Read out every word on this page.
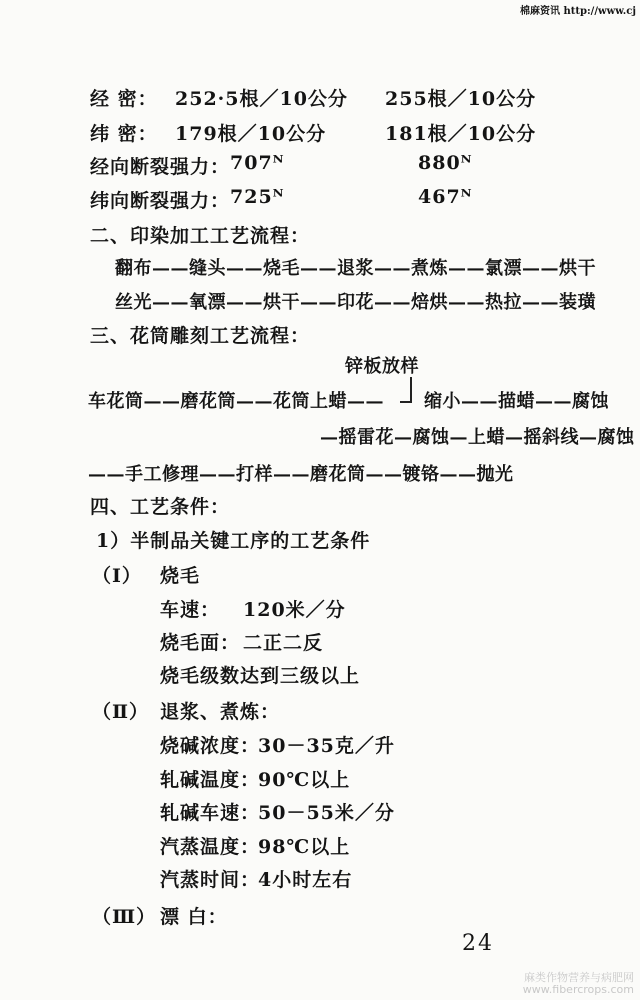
棉麻资讯 http://www.cj
经 密： 252·5根／10公分 255根／10公分
纬 密： 179根／10公分	181根／10公分
经向断裂强力： 707ᴺ	880ᴺ
纬向断裂强力： 725ᴺ	467ᴺ
二、印染加工工艺流程：
翻布——缝头——烧毛——退浆——煮炼——氯漂——烘干
丝光——氧漂——烘干——印花——焙烘——热拉——装璜
三、花筒雕刻工艺流程：
锌板放样
车花筒——磨花筒——花筒上蜡—— 缩小——描蜡——腐蚀
—摇雷花—腐蚀—上蜡—摇斜线—腐蚀
——手工修理——打样——磨花筒——镀铬——抛光
四、工艺条件：
1）半制品关键工序的工艺条件
（Ⅰ） 烧毛
车速： 120米／分
烧毛面： 二正二反
烧毛级数达到三级以上
（Ⅱ） 退浆、煮炼：
烧碱浓度：
30－35克／升
轧碱温度：
90℃以上
轧碱车速：
50－55米／分
汽蒸温度：
98℃以上
汽蒸时间：
4小时左右
（Ⅲ） 漂 白：
24
麻类作物营养与病肥网
www.fibercrops.com
